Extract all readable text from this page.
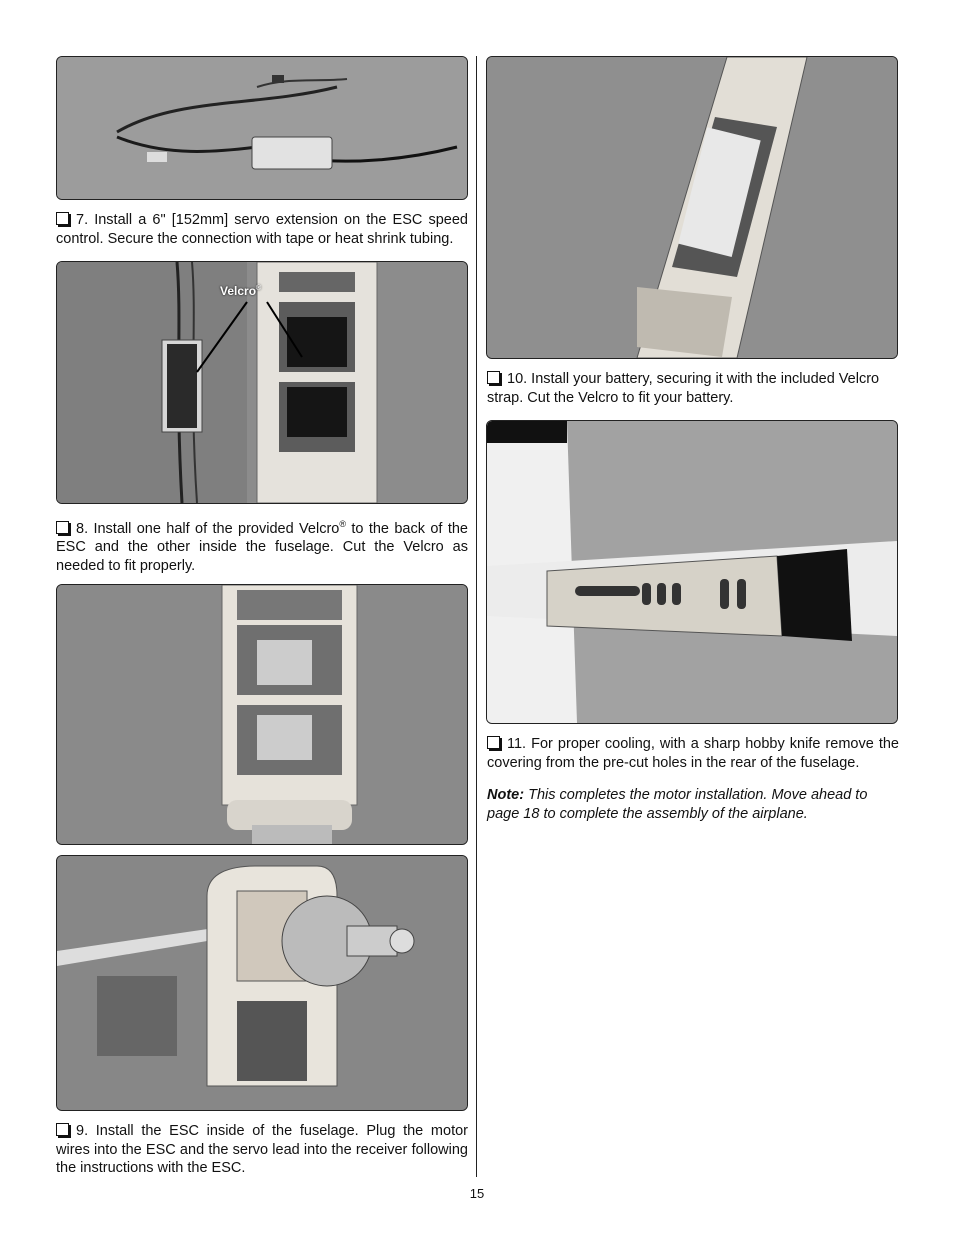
7. Install a 6" [152mm] servo extension on the ESC speed control. Secure the connection with tape or heat shrink tubing.

Velcro®

8. Install one half of the provided Velcro® to the back of the ESC and the other inside the fuselage. Cut the Velcro as needed to fit properly.

9. Install the ESC inside of the fuselage. Plug the motor wires into the ESC and the servo lead into the receiver following the instructions with the ESC.

10. Install your battery, securing it with the included Velcro strap. Cut the Velcro to fit your battery.

11. For proper cooling, with a sharp hobby knife remove the covering from the pre-cut holes in the rear of the fuselage.

Note: This completes the motor installation. Move ahead to page 18 to complete the assembly of the airplane.

15
